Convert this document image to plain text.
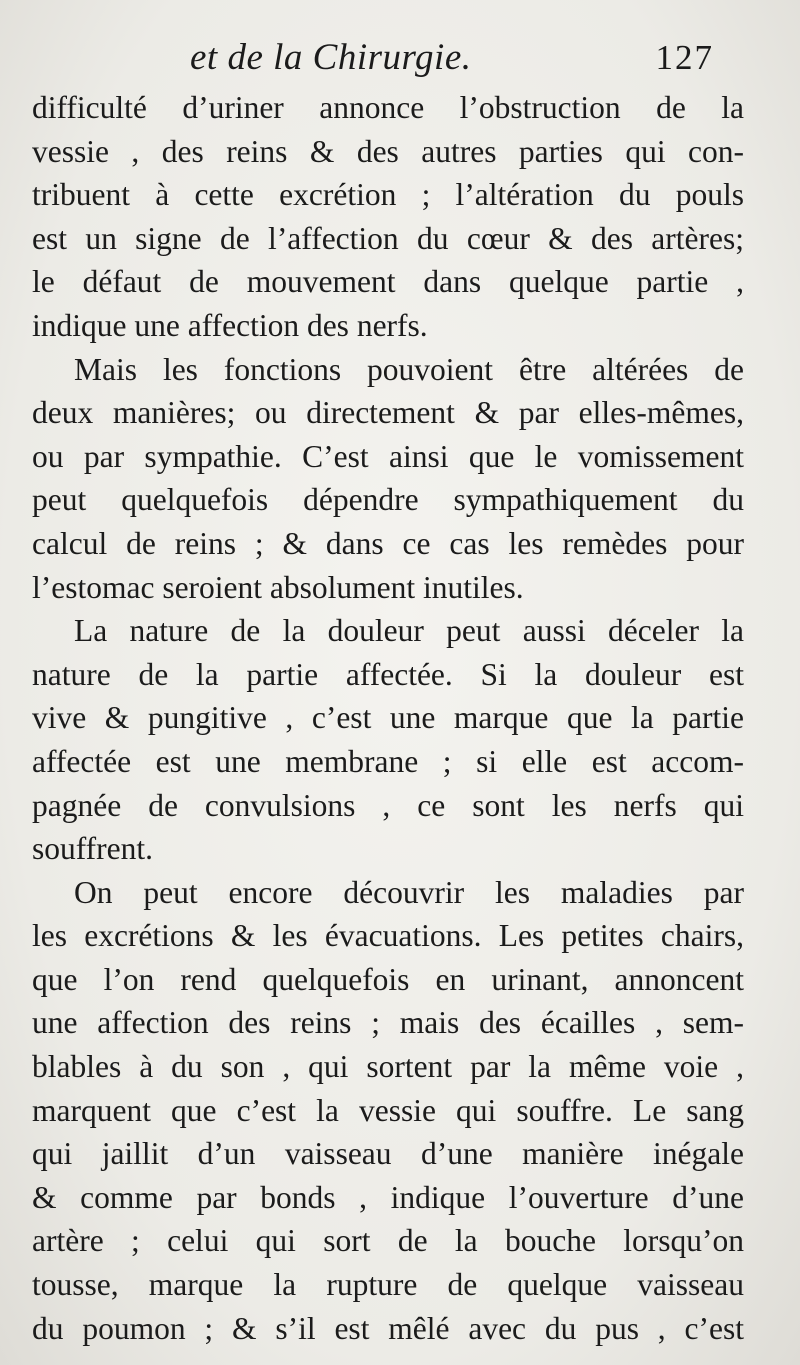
et de la Chirurgie.	127
difficulté d’uriner annonce l’obstruction de la
vessie , des reins & des autres parties qui con-
tribuent à cette excrétion ; l’altération du pouls
est un signe de l’affection du cœur & des artères;
le défaut de mouvement dans quelque partie ,
indique une affection des nerfs.
Mais les fonctions pouvoient être altérées de
deux manières; ou directement & par elles-mêmes,
ou par sympathie. C’est ainsi que le vomissement
peut quelquefois dépendre sympathiquement du
calcul de reins ; & dans ce cas les remèdes pour
l’estomac seroient absolument inutiles.
La nature de la douleur peut aussi déceler la
nature de la partie affectée. Si la douleur est
vive & pungitive , c’est une marque que la partie
affectée est une membrane ; si elle est accom-
pagnée de convulsions , ce sont les nerfs qui
souffrent.
On peut encore découvrir les maladies par
les excrétions & les évacuations. Les petites chairs,
que l’on rend quelquefois en urinant, annoncent
une affection des reins ; mais des écailles , sem-
blables à du son , qui sortent par la même voie ,
marquent que c’est la vessie qui souffre. Le sang
qui jaillit d’un vaisseau d’une manière inégale
& comme par bonds , indique l’ouverture d’une
artère ; celui qui sort de la bouche lorsqu’on
tousse, marque la rupture de quelque vaisseau
du poumon ; & s’il est mêlé avec du pus , c’est
